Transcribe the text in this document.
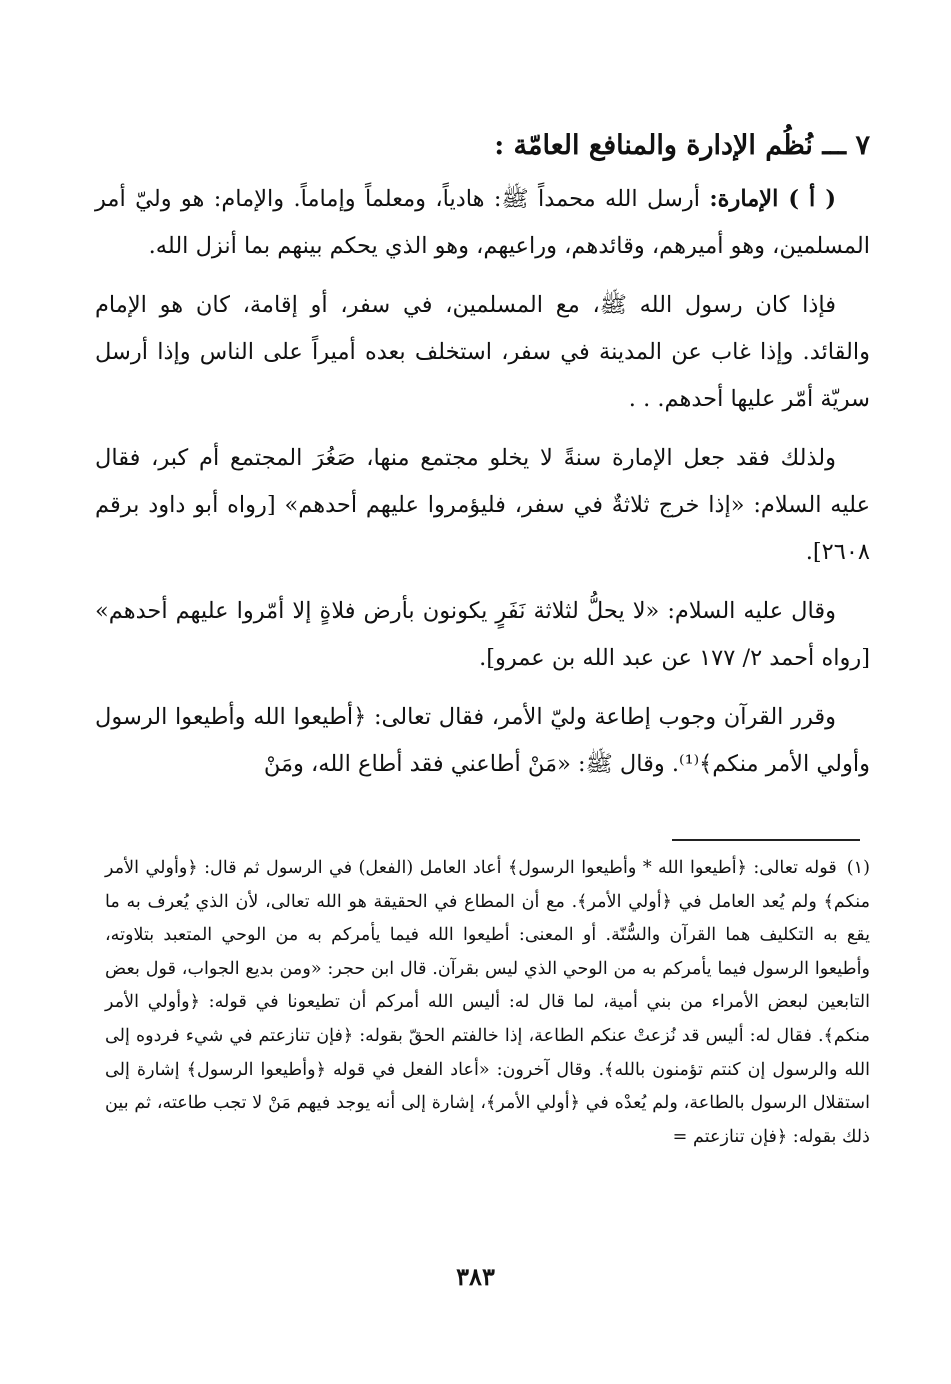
٧ ـــ نُظُم الإدارة والمنافع العامّة :

( أ ) الإمارة: أرسل الله محمداً ﷺ: هادياً، ومعلماً وإماماً. والإمام: هو وليّ أمر المسلمين، وهو أميرهم، وقائدهم، وراعيهم، وهو الذي يحكم بينهم بما أنزل الله.

فإذا كان رسول الله ﷺ، مع المسلمين، في سفر، أو إقامة، كان هو الإمام والقائد. وإذا غاب عن المدينة في سفر، استخلف بعده أميراً على الناس وإذا أرسل سريّة أمّر عليها أحدهم. . .

ولذلك فقد جعل الإمارة سنةً لا يخلو مجتمع منها، صَغُرَ المجتمع أم كبر، فقال عليه السلام: «إذا خرج ثلاثةٌ في سفر، فليؤمروا عليهم أحدهم» [رواه أبو داود برقم ٢٦٠٨].

وقال عليه السلام: «لا يحلُّ لثلاثة نَفَرٍ يكونون بأرض فلاةٍ إلا أمّروا عليهم أحدهم» [رواه أحمد ٢/ ١٧٧ عن عبد الله بن عمرو].

وقرر القرآن وجوب إطاعة وليّ الأمر، فقال تعالى: ﴿أطيعوا الله وأطيعوا الرسول وأولي الأمر منكم﴾⁽¹⁾. وقال ﷺ: «مَنْ أطاعني فقد أطاع الله، ومَنْ

(١)قوله تعالى: ﴿أطيعوا الله * وأطيعوا الرسول﴾ أعاد العامل (الفعل) في الرسول ثم قال: ﴿وأولي الأمر منكم﴾ ولم يُعد العامل في ﴿أولي الأمر﴾. مع أن المطاع في الحقيقة هو الله تعالى، لأن الذي يُعرف به ما يقع به التكليف هما القرآن والسُّنّة. أو المعنى: أطيعوا الله فيما يأمركم به من الوحي المتعبد بتلاوته، وأطيعوا الرسول فيما يأمركم به من الوحي الذي ليس بقرآن. قال ابن حجر: «ومن بديع الجواب، قول بعض التابعين لبعض الأمراء من بني أمية، لما قال له: أليس الله أمركم أن تطيعونا في قوله: ﴿وأولي الأمر منكم﴾. فقال له: أليس قد نُزعتْ عنكم الطاعة، إذا خالفتم الحقّ بقوله: ﴿فإن تنازعتم في شيء فردوه إلى الله والرسول إن كنتم تؤمنون بالله﴾. وقال آخرون: «أعاد الفعل في قوله ﴿وأطيعوا الرسول﴾ إشارة إلى استقلال الرسول بالطاعة، ولم يُعدْه في ﴿أولي الأمر﴾، إشارة إلى أنه يوجد فيهم مَنْ لا تجب طاعته، ثم بين ذلك بقوله: ﴿فإن تنازعتم =
٣٨٣
